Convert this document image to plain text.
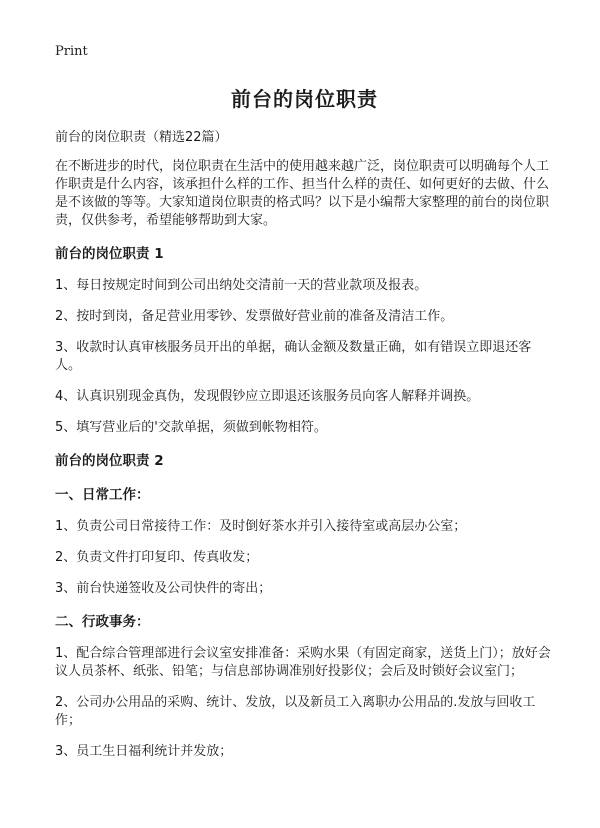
Print

前台的岗位职责

前台的岗位职责（精选22篇）

在不断进步的时代，岗位职责在生活中的使用越来越广泛，岗位职责可以明确每个人工作职责是什么内容，该承担什么样的工作、担当什么样的责任、如何更好的去做、什么是不该做的等等。大家知道岗位职责的格式吗？以下是小编帮大家整理的前台的岗位职责，仅供参考，希望能够帮助到大家。

前台的岗位职责 1
1、每日按规定时间到公司出纳处交清前一天的营业款项及报表。
2、按时到岗，备足营业用零钞、发票做好营业前的准备及清洁工作。
3、收款时认真审核服务员开出的单据，确认金额及数量正确，如有错误立即退还客人。
4、认真识别现金真伪，发现假钞应立即退还该服务员向客人解释并调换。
5、填写营业后的'交款单据，须做到帐物相符。
前台的岗位职责 2
一、日常工作：
1、负责公司日常接待工作：及时倒好茶水并引入接待室或高层办公室；
2、负责文件打印复印、传真收发；
3、前台快递签收及公司快件的寄出；
二、行政事务：
1、配合综合管理部进行会议室安排准备：采购水果（有固定商家，送货上门）；放好会议人员茶杯、纸张、铅笔；与信息部协调准别好投影仪；会后及时锁好会议室门；
2、公司办公用品的采购、统计、发放，以及新员工入离职办公用品的.发放与回收工作；
3、员工生日福利统计并发放；
